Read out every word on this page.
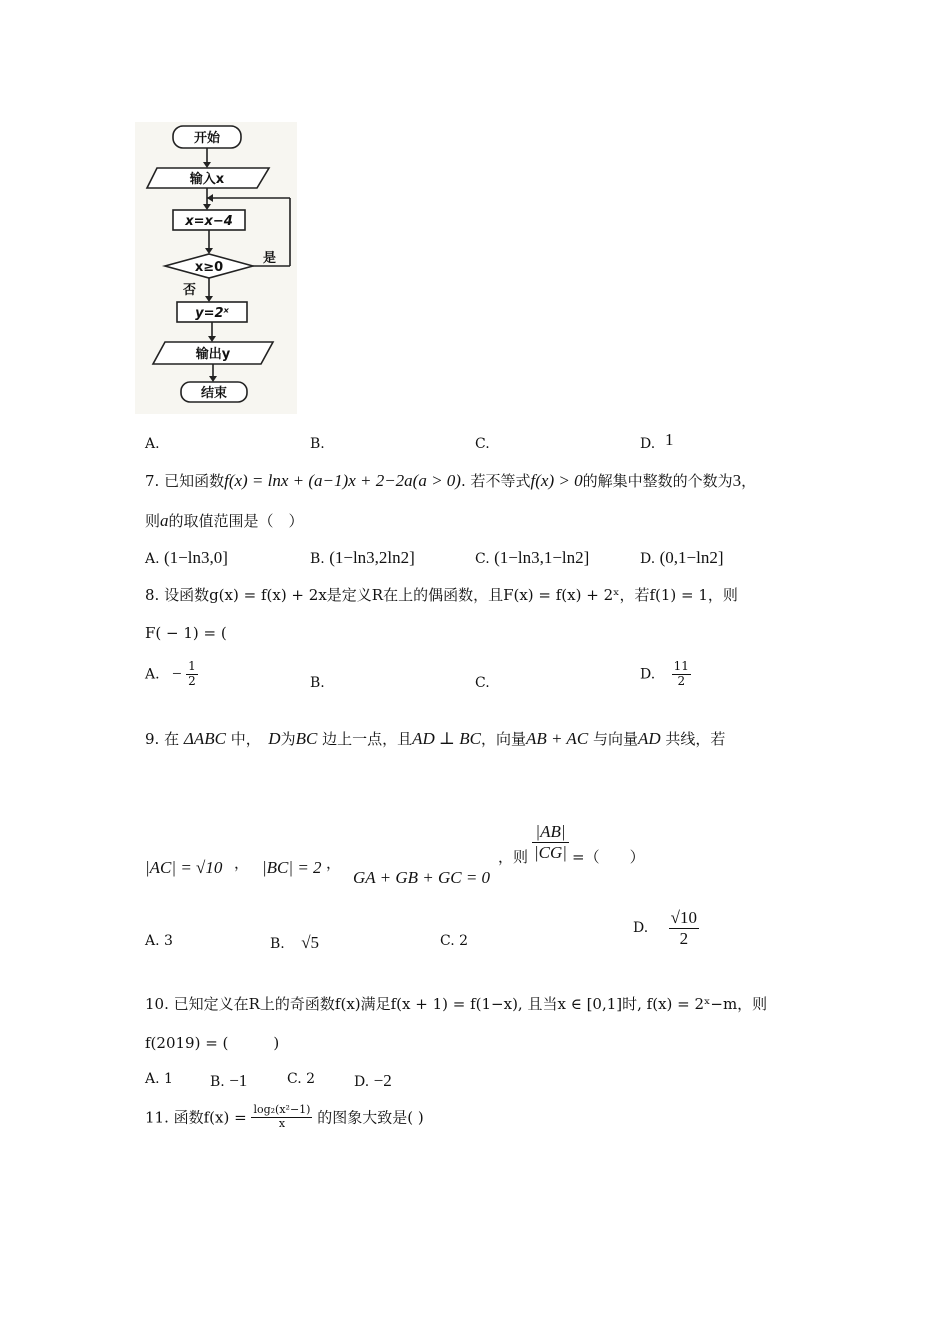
开始
输入x
x=x−4
x≥0
是
否
y=2ˣ
输出y
结束
A.	B.	C.	D. 1
7. 已知函数f(x) = lnx + (a−1)x + 2−2a(a > 0). 若不等式f(x) > 0的解集中整数的个数为3，
则a的取值范围是（　）
A. (1−ln3,0]	B. (1−ln3,2ln2]	C. (1−ln3,1−ln2]	D. (0,1−ln2]
8. 设函数g(x) = f(x) + 2x是定义R在上的偶函数，且F(x) = f(x) + 2ˣ，若f(1) = 1，则
F( − 1) = (
A. − $\frac{1}{2}$	B.	C.
D. $\frac{11}{2}$
9. 在 ΔABC 中，　 D为BC 边上一点，且AD ⊥ BC，向量AB + AC 与向量AD 共线，若
|AC| = √10 ， |BC| = 2 ，
GA + GB + GC = 0
，则 $\frac{|AB|}{|CG|}$ =（　　）
A. 3	B. √5	C. 2
D. $\frac{√10}{2}$
10. 已知定义在R上的奇函数f(x)满足f(x + 1) = f(1−x), 且当x ∈ [0,1]时, f(x) = 2ˣ−m，则
f(2019) = (　　　)
A. 1	B. −1	C. 2	D. −2
11. 函数$f(x) = \frac{\text{log₂(x²−1)}}{x}$ 的图象大致是( )
